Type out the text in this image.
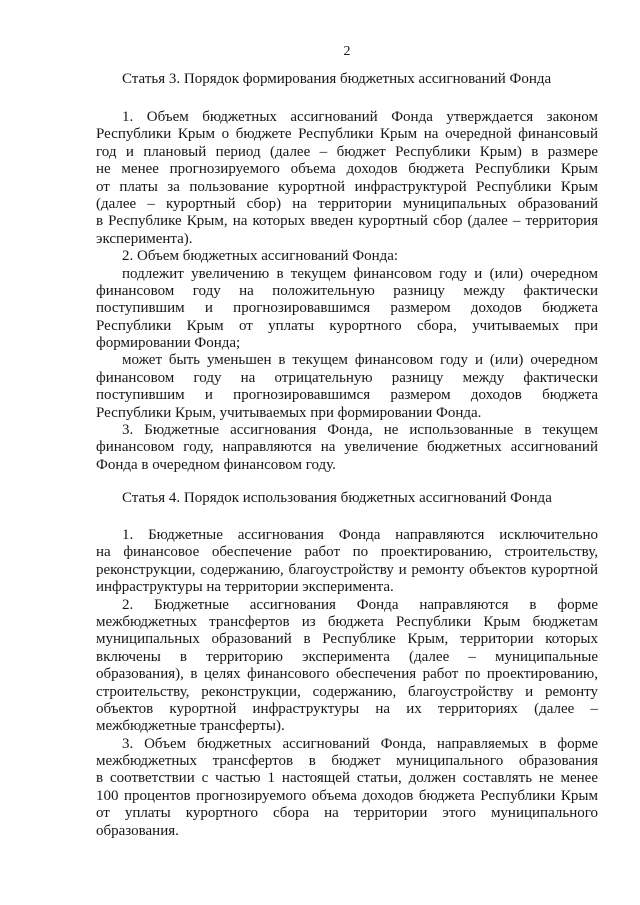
2
Статья 3. Порядок формирования бюджетных ассигнований Фонда
1. Объем бюджетных ассигнований Фонда утверждается законом
Республики Крым о бюджете Республики Крым на очередной финансовый
год и плановый период (далее – бюджет Республики Крым) в размере
не менее прогнозируемого объема доходов бюджета Республики Крым
от платы за пользование курортной инфраструктурой Республики Крым
(далее – курортный сбор) на территории муниципальных образований
в Республике Крым, на которых введен курортный сбор (далее – территория
эксперимента).
2. Объем бюджетных ассигнований Фонда:
подлежит увеличению в текущем финансовом году и (или) очередном
финансовом году на положительную разницу между фактически
поступившим и прогнозировавшимся размером доходов бюджета
Республики Крым от уплаты курортного сбора, учитываемых при
формировании Фонда;
может быть уменьшен в текущем финансовом году и (или) очередном
финансовом году на отрицательную разницу между фактически
поступившим и прогнозировавшимся размером доходов бюджета
Республики Крым, учитываемых при формировании Фонда.
3. Бюджетные ассигнования Фонда, не использованные в текущем
финансовом году, направляются на увеличение бюджетных ассигнований
Фонда в очередном финансовом году.
Статья 4. Порядок использования бюджетных ассигнований Фонда
1. Бюджетные ассигнования Фонда направляются исключительно
на финансовое обеспечение работ по проектированию, строительству,
реконструкции, содержанию, благоустройству и ремонту объектов курортной
инфраструктуры на территории эксперимента.
2. Бюджетные ассигнования Фонда направляются в форме
межбюджетных трансфертов из бюджета Республики Крым бюджетам
муниципальных образований в Республике Крым, территории которых
включены в территорию эксперимента (далее – муниципальные
образования), в целях финансового обеспечения работ по проектированию,
строительству, реконструкции, содержанию, благоустройству и ремонту
объектов курортной инфраструктуры на их территориях (далее –
межбюджетные трансферты).
3. Объем бюджетных ассигнований Фонда, направляемых в форме
межбюджетных трансфертов в бюджет муниципального образования
в соответствии с частью 1 настоящей статьи, должен составлять не менее
100 процентов прогнозируемого объема доходов бюджета Республики Крым
от уплаты курортного сбора на территории этого муниципального
образования.
